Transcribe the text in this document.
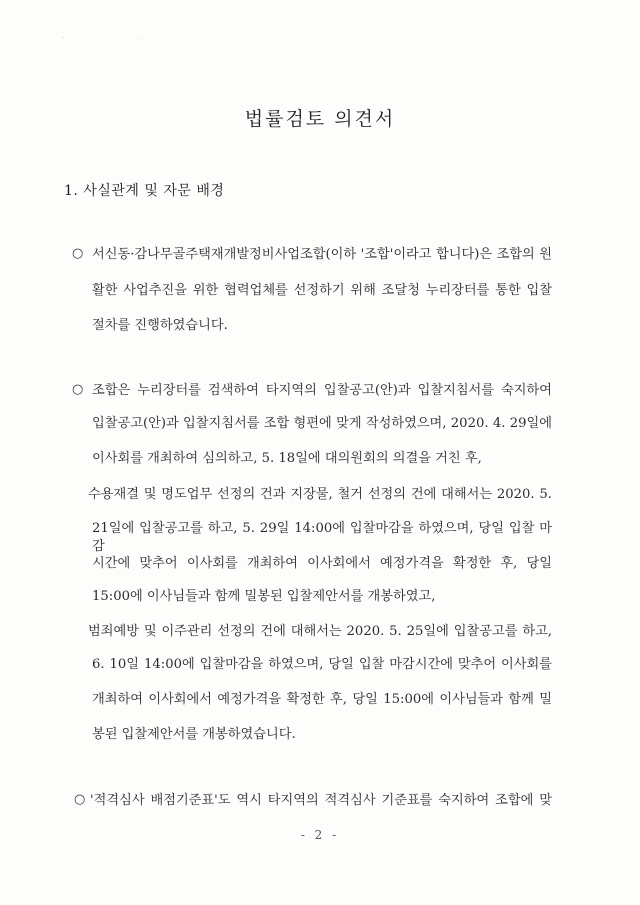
- .
법률검토 의견서
1. 사실관계 및 자문 배경
○ 서신동·감나무골주택재개발정비사업조합(이하 '조합'이라고 합니다)은 조합의 원
활한 사업추진을 위한 협력업체를 선정하기 위해 조달청 누리장터를 통한 입찰
절차를 진행하였습니다.
○ 조합은 누리장터를 검색하여 타지역의 입찰공고(안)과 입찰지침서를 숙지하여
입찰공고(안)과 입찰지침서를 조합 형편에 맞게 작성하였으며, 2020. 4. 29일에
이사회를 개최하여 심의하고, 5. 18일에 대의원회의 의결을 거친 후,
수용재결 및 명도업무 선정의 건과 지장물, 철거 선정의 건에 대해서는 2020. 5.
21일에 입찰공고를 하고, 5. 29일 14:00에 입찰마감을 하였으며, 당일 입찰 마감
시간에 맞추어 이사회를 개최하여 이사회에서 예정가격을 확정한 후, 당일
15:00에 이사님들과 함께 밀봉된 입찰제안서를 개봉하였고,
범죄예방 및 이주관리 선정의 건에 대해서는 2020. 5. 25일에 입찰공고를 하고,
6. 10일 14:00에 입찰마감을 하였으며, 당일 입찰 마감시간에 맞추어 이사회를
개최하여 이사회에서 예정가격을 확정한 후, 당일 15:00에 이사님들과 함께 밀
봉된 입찰제안서를 개봉하였습니다.
○ '적격심사 배점기준표'도 역시 타지역의 적격심사 기준표를 숙지하여 조합에 맞
- 2 -
